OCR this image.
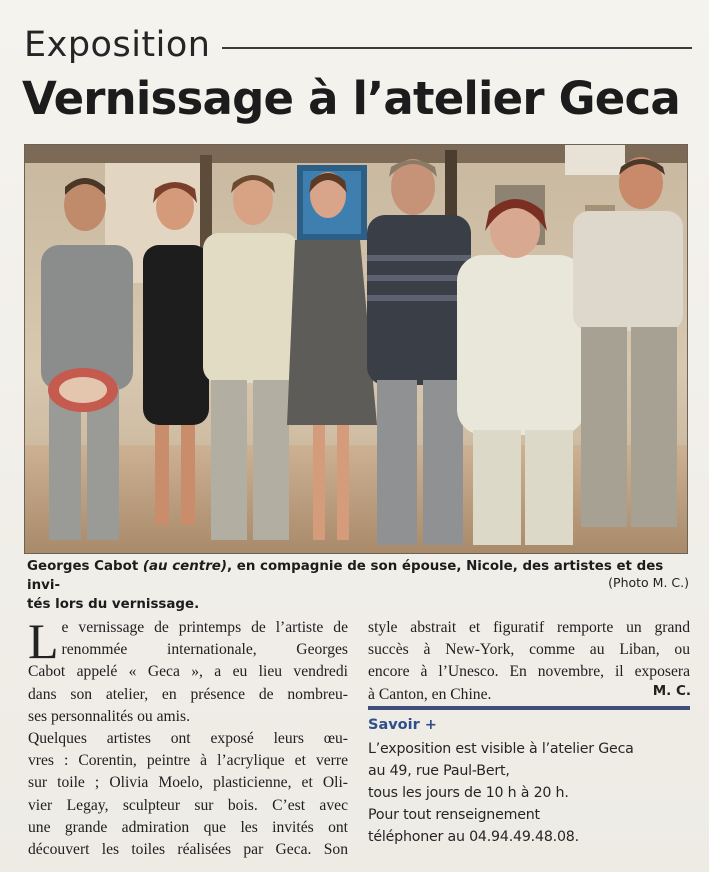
Exposition
Vernissage à l’atelier Geca
Georges Cabot (au centre), en compagnie de son épouse, Nicole, des artistes et des invi-
tés lors du vernissage.
(Photo M. C.)
L e vernissage de printemps de l’artiste de
renommée internationale, Georges
Cabot appelé « Geca », a eu lieu vendredi
dans son atelier, en présence de nombreu-
ses personnalités ou amis.
Quelques artistes ont exposé leurs œu-
vres : Corentin, peintre à l’acrylique et verre
sur toile ; Olivia Moelo, plasticienne, et Oli-
vier Legay, sculpteur sur bois. C’est avec
une grande admiration que les invités ont
découvert les toiles réalisées par Geca. Son
style abstrait et figuratif remporte un grand
succès à New-York, comme au Liban, ou
encore à l’Unesco. En novembre, il exposera
à Canton, en Chine.	M. C.
Savoir +
L’exposition est visible à l’atelier Geca
au 49, rue Paul-Bert,
tous les jours de 10 h à 20 h.
Pour tout renseignement
téléphoner au 04.94.49.48.08.
